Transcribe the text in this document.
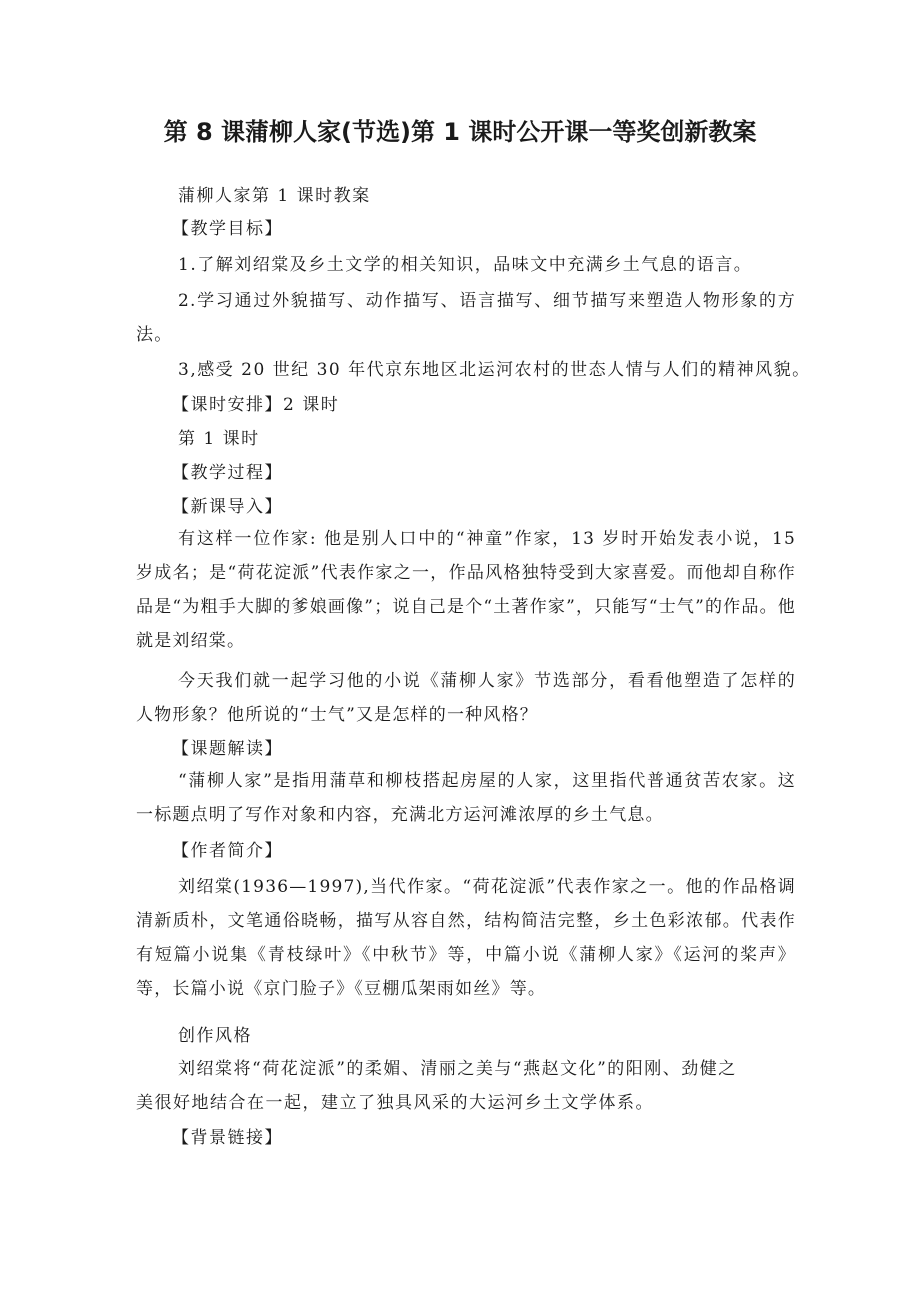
第 8 课蒲柳人家(节选)第 1 课时公开课一等奖创新教案

蒲柳人家第 1 课时教案

【教学目标】

1.了解刘绍棠及乡土文学的相关知识，品味文中充满乡土气息的语言。

2.学习通过外貌描写、动作描写、语言描写、细节描写来塑造人物形象的方法。

3,感受 20 世纪 30 年代京东地区北运河农村的世态人情与人们的精神风貌。

【课时安排】2 课时

第 1 课时

【教学过程】

【新课导入】

有这样一位作家: 他是别人口中的“神童”作家，13 岁时开始发表小说，15 岁成名；是“荷花淀派”代表作家之一，作品风格独特受到大家喜爱。而他却自称作品是“为粗手大脚的爹娘画像”；说自己是个“土著作家”，只能写“士气”的作品。他就是刘绍棠。

今天我们就一起学习他的小说《蒲柳人家》节选部分，看看他塑造了怎样的人物形象？他所说的“士气”又是怎样的一种风格？

【课题解读】

“蒲柳人家”是指用蒲草和柳枝搭起房屋的人家，这里指代普通贫苦农家。这一标题点明了写作对象和内容，充满北方运河滩浓厚的乡土气息。

【作者简介】

刘绍棠(1936—1997),当代作家。“荷花淀派”代表作家之一。他的作品格调清新质朴，文笔通俗晓畅，描写从容自然，结构简洁完整，乡土色彩浓郁。代表作有短篇小说集《青枝绿叶》《中秋节》等，中篇小说《蒲柳人家》《运河的桨声》等，长篇小说《京门脸子》《豆棚瓜架雨如丝》等。

创作风格

刘绍棠将“荷花淀派”的柔媚、清丽之美与“燕赵文化”的阳刚、劲健之

美很好地结合在一起，建立了独具风采的大运河乡土文学体系。

【背景链接】
